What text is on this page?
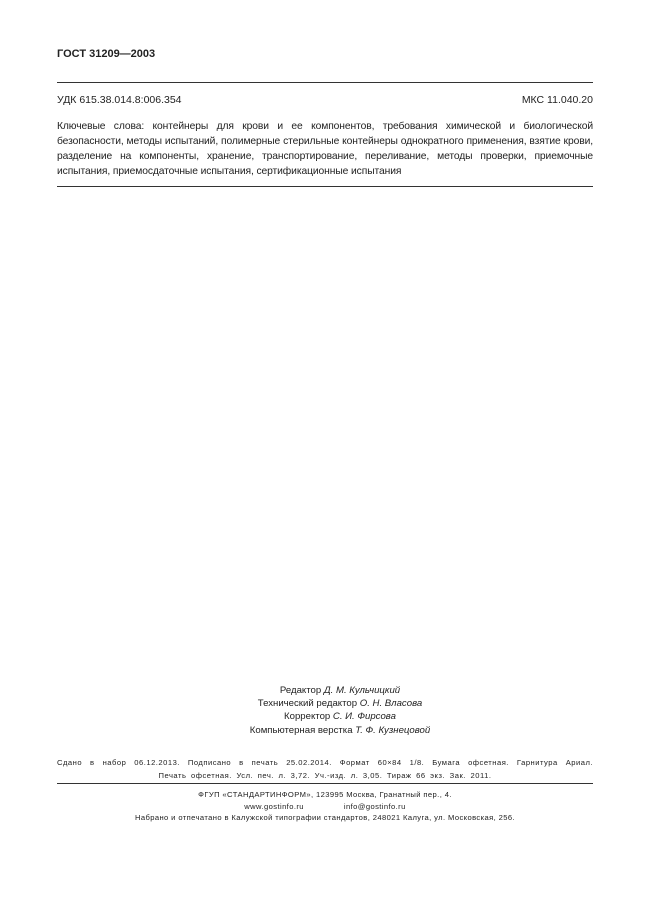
ГОСТ 31209—2003
УДК 615.38.014.8:006.354	МКС 11.040.20
Ключевые слова: контейнеры для крови и ее компонентов, требования химической и биологической безопасности, методы испытаний, полимерные стерильные контейнеры однократного применения, взятие крови, разделение на компоненты, хранение, транспортирование, переливание, методы проверки, приемочные испытания, приемосдаточные испытания, сертификационные испытания
Редактор Д. М. Кульчицкий
Технический редактор О. Н. Власова
Корректор С. И. Фирсова
Компьютерная верстка Т. Ф. Кузнецовой
Сдано в набор 06.12.2013. Подписано в печать 25.02.2014. Формат 60×84 1/8. Бумага офсетная. Гарнитура Ариал.
Печать офсетная. Усл. печ. л. 3,72. Уч.-изд. л. 3,05. Тираж 66 экз. Зак. 2011.
ФГУП «СТАНДАРТИНФОРМ», 123995 Москва, Гранатный пер., 4.
www.gostinfo.ru	info@gostinfo.ru
Набрано и отпечатано в Калужской типографии стандартов, 248021 Калуга, ул. Московская, 256.
